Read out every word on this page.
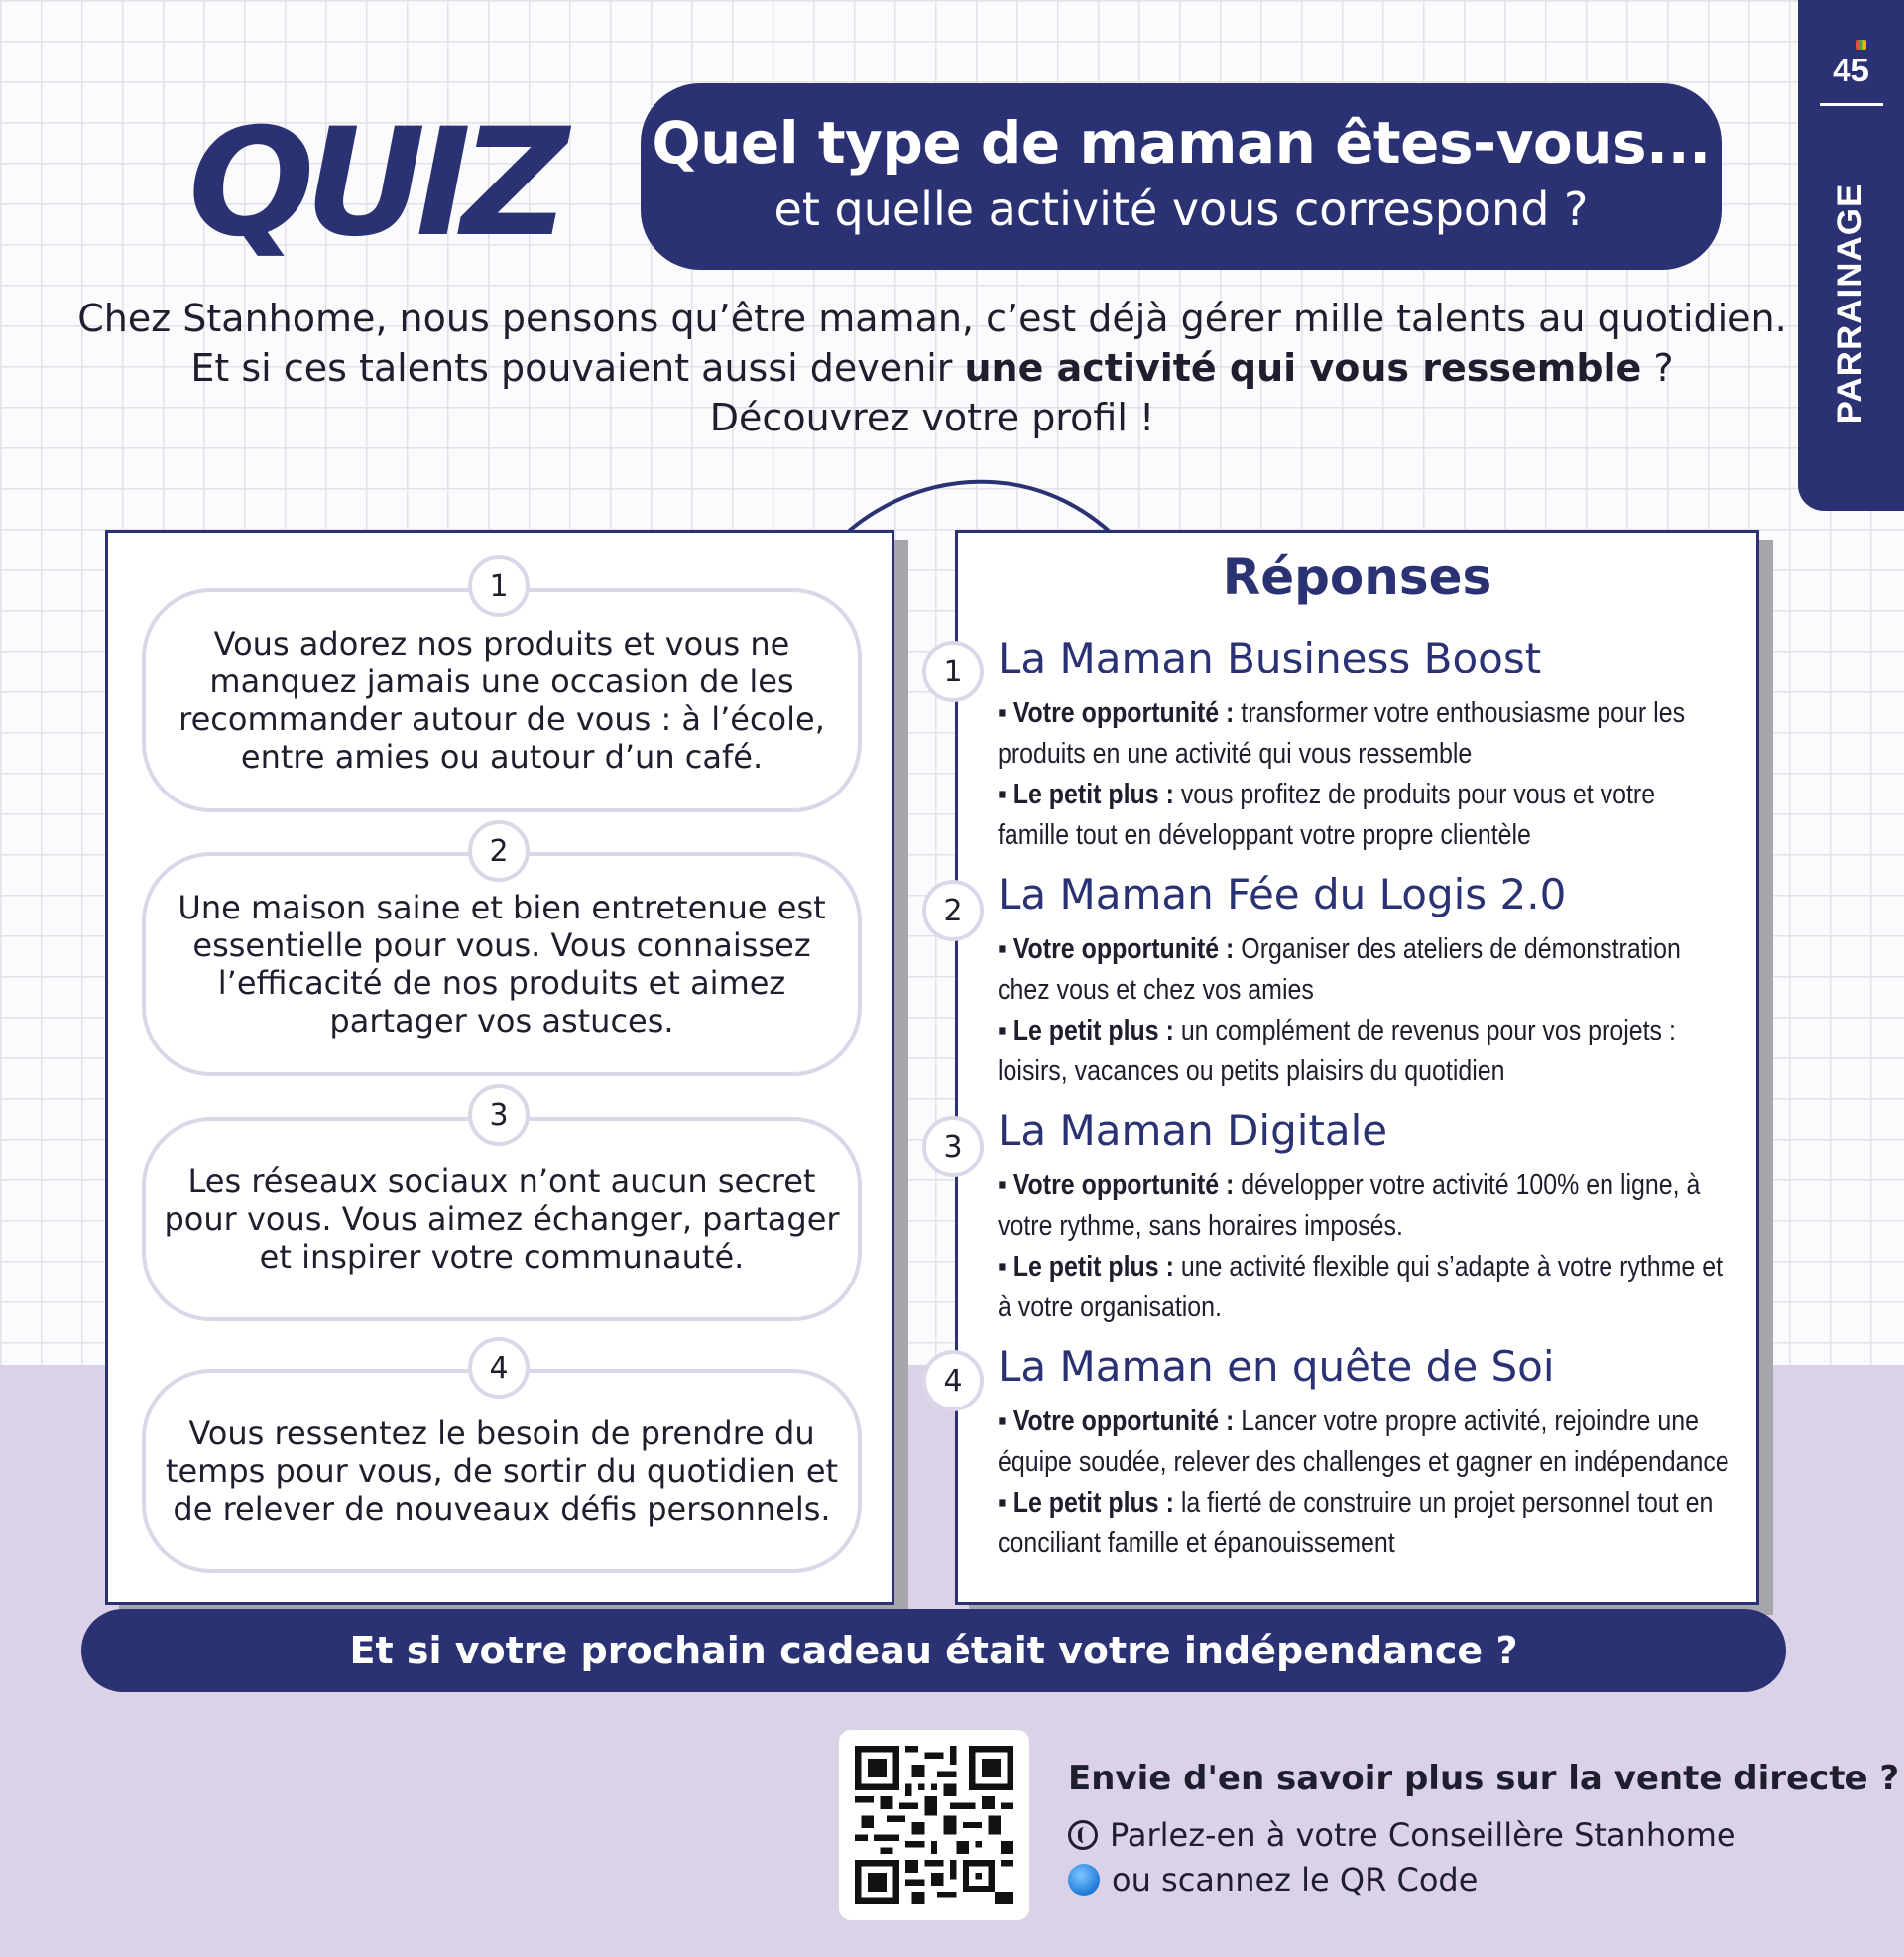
45
PARRAINAGE
QUIZ Quel type de maman êtes-vous...
et quelle activité vous correspond ?
Chez Stanhome, nous pensons qu’être maman, c’est déjà gérer mille talents au quotidien.
Et si ces talents pouvaient aussi devenir une activité qui vous ressemble ?
Découvrez votre profil !
Vous adorez nos produits et vous ne manquez jamais une occasion de les recommander autour de vous : à l’école, entre amies ou autour d’un café.
1
Une maison saine et bien entretenue est essentielle pour vous. Vous connaissez l’efficacité de nos produits et aimez partager vos astuces.
2
Les réseaux sociaux n’ont aucun secret pour vous. Vous aimez échanger, partager et inspirer votre communauté.
3
Vous ressentez le besoin de prendre du temps pour vous, de sortir du quotidien et de relever de nouveaux défis personnels.
4
Réponses
1 La Maman Business Boost
▪ Votre opportunité : transformer votre enthousiasme pour les produits en une activité qui vous ressemble
▪ Le petit plus : vous profitez de produits pour vous et votre famille tout en développant votre propre clientèle
2 La Maman Fée du Logis 2.0
▪ Votre opportunité : Organiser des ateliers de démonstration chez vous et chez vos amies
▪ Le petit plus : un complément de revenus pour vos projets : loisirs, vacances ou petits plaisirs du quotidien
3 La Maman Digitale
▪ Votre opportunité : développer votre activité 100% en ligne, à votre rythme, sans horaires imposés.
▪ Le petit plus : une activité flexible qui s’adapte à votre rythme et à votre organisation.
4 La Maman en quête de Soi
▪ Votre opportunité : Lancer votre propre activité, rejoindre une équipe soudée, relever des challenges et gagner en indépendance
▪ Le petit plus : la fierté de construire un projet personnel tout en conciliant famille et épanouissement
Et si votre prochain cadeau était votre indépendance ?
Envie d'en savoir plus sur la vente directe ?
Parlez-en à votre Conseillère Stanhome
ou scannez le QR Code
